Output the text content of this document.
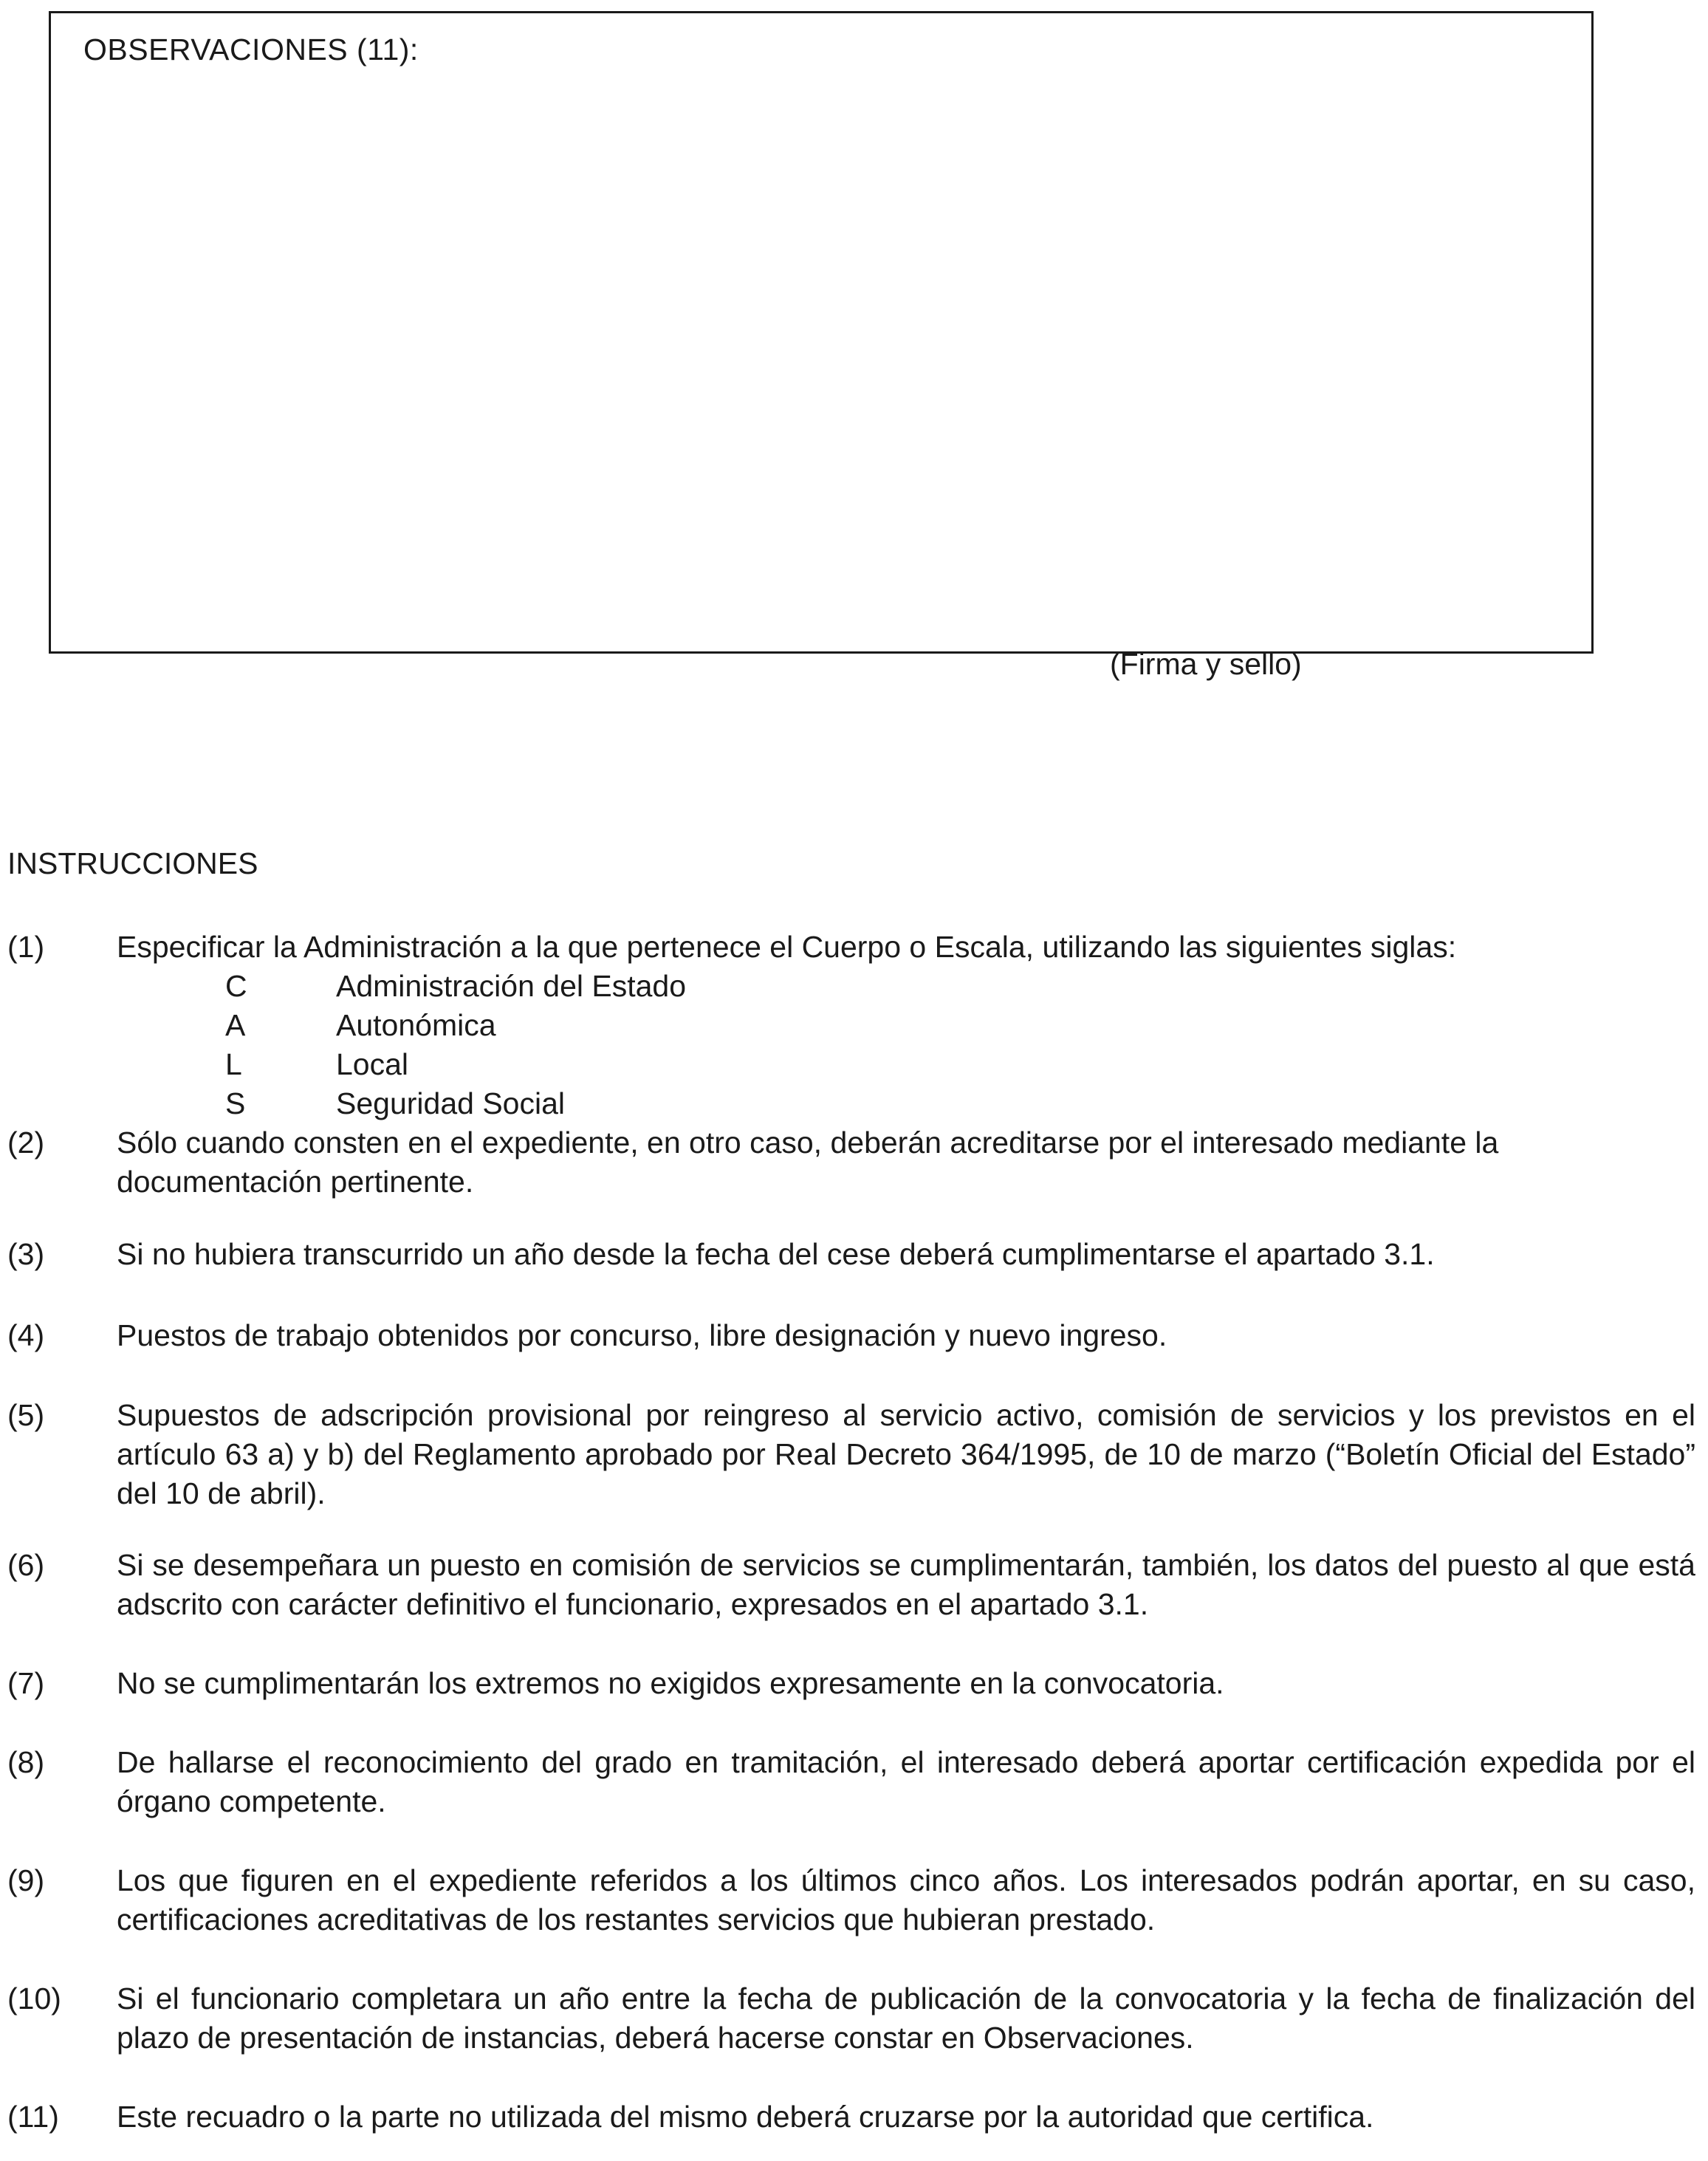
OBSERVACIONES (11):
(Firma y sello)
INSTRUCCIONES
(1) Especificar la Administración a la que pertenece el Cuerpo o Escala, utilizando las siguientes siglas:
C	Administración del Estado
A	Autonómica
L	Local
S	Seguridad Social
(2) Sólo cuando consten en el expediente, en otro caso, deberán acreditarse por el interesado mediante la documentación pertinente.
(3) Si no hubiera transcurrido un año desde la fecha del cese deberá cumplimentarse el apartado 3.1.
(4) Puestos de trabajo obtenidos por concurso, libre designación y nuevo ingreso.
(5) Supuestos de adscripción provisional por reingreso al servicio activo, comisión de servicios y los previstos en el artículo 63 a) y b) del Reglamento aprobado por Real Decreto 364/1995, de 10 de marzo (“Boletín Oficial del Estado” del 10 de abril).
(6) Si se desempeñara un puesto en comisión de servicios se cumplimentarán, también, los datos del puesto al que está adscrito con carácter definitivo el funcionario, expresados en el apartado 3.1.
(7) No se cumplimentarán los extremos no exigidos expresamente en la convocatoria.
(8) De hallarse el reconocimiento del grado en tramitación, el interesado deberá aportar certificación expedida por el órgano competente.
(9) Los que figuren en el expediente referidos a los últimos cinco años. Los interesados podrán aportar, en su caso, certificaciones acreditativas de los restantes servicios que hubieran prestado.
(10) Si el funcionario completara un año entre la fecha de publicación de la convocatoria y la fecha de finalización del plazo de presentación de instancias, deberá hacerse constar en Observaciones.
(11) Este recuadro o la parte no utilizada del mismo deberá cruzarse por la autoridad que certifica.
